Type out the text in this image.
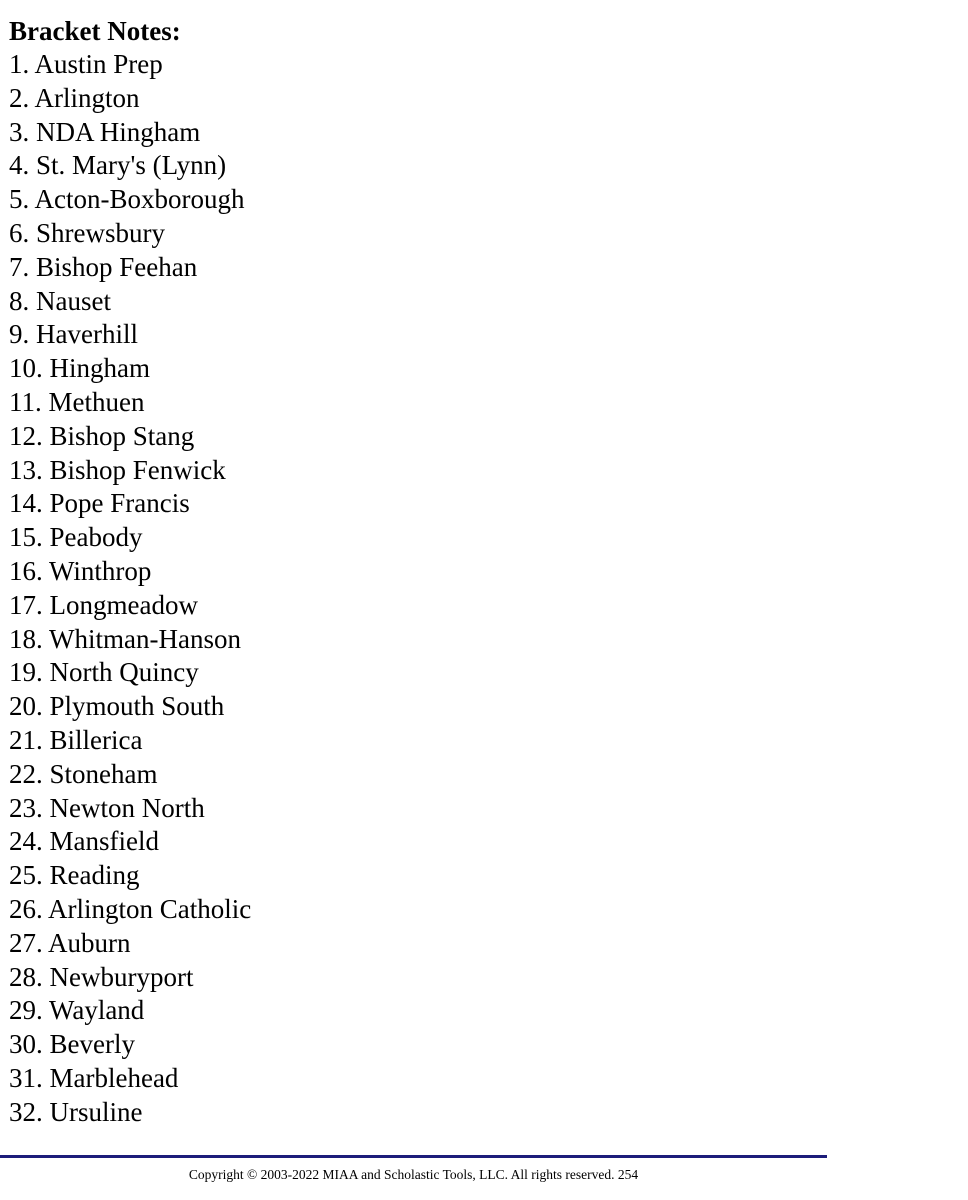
Bracket Notes:
1. Austin Prep
2. Arlington
3. NDA Hingham
4. St. Mary's (Lynn)
5. Acton-Boxborough
6. Shrewsbury
7. Bishop Feehan
8. Nauset
9. Haverhill
10. Hingham
11. Methuen
12. Bishop Stang
13. Bishop Fenwick
14. Pope Francis
15. Peabody
16. Winthrop
17. Longmeadow
18. Whitman-Hanson
19. North Quincy
20. Plymouth South
21. Billerica
22. Stoneham
23. Newton North
24. Mansfield
25. Reading
26. Arlington Catholic
27. Auburn
28. Newburyport
29. Wayland
30. Beverly
31. Marblehead
32. Ursuline
Copyright © 2003-2022 MIAA and Scholastic Tools, LLC. All rights reserved. 254
